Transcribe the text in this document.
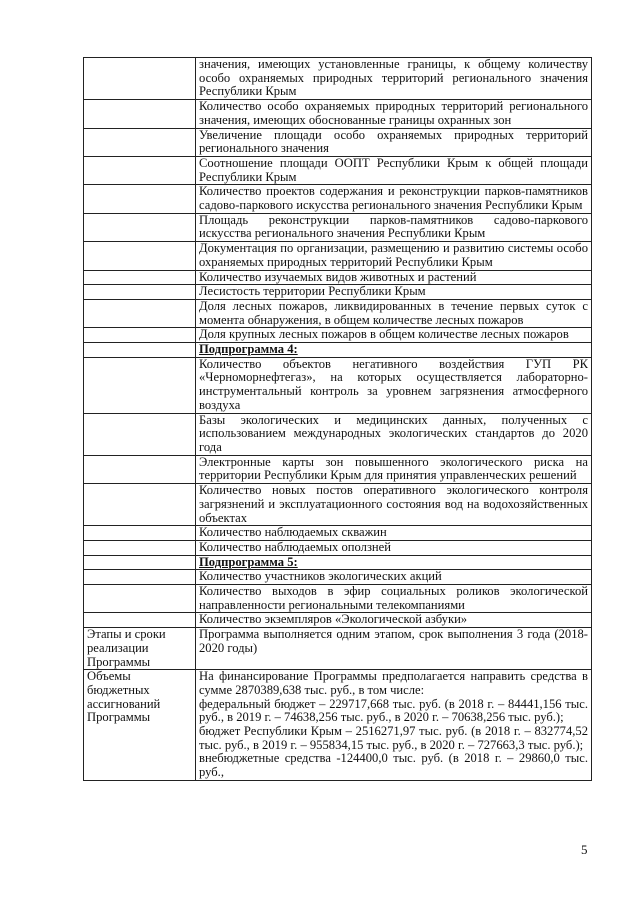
	значения, имеющих установленные границы, к общему количеству особо охраняемых природных территорий регионального значения Республики Крым
	Количество особо охраняемых природных территорий регионального значения, имеющих обоснованные границы охранных зон
	Увеличение площади особо охраняемых природных территорий регионального значения
	Соотношение площади ООПТ Республики Крым к общей площади Республики Крым
	Количество проектов содержания и реконструкции парков-памятников садово-паркового искусства регионального значения Республики Крым
	Площадь реконструкции парков-памятников садово-паркового искусства регионального значения Республики Крым
	Документация по организации, размещению и развитию системы особо охраняемых природных территорий Республики Крым
	Количество изучаемых видов животных и растений
	Лесистость территории Республики Крым
	Доля лесных пожаров, ликвидированных в течение первых суток с момента обнаружения, в общем количестве лесных пожаров
	Доля крупных лесных пожаров в общем количестве лесных пожаров
	Подпрограмма 4:
	Количество объектов негативного воздействия ГУП РК «Черноморнефтегаз», на которых осуществляется лабораторно-инструментальный контроль за уровнем загрязнения атмосферного воздуха
	Базы экологических и медицинских данных, полученных с использованием международных экологических стандартов до 2020 года
	Электронные карты зон повышенного экологического риска на территории Республики Крым для принятия управленческих решений
	Количество новых постов оперативного экологического контроля загрязнений и эксплуатационного состояния вод на водохозяйственных объектах
	Количество наблюдаемых скважин
	Количество наблюдаемых оползней
	Подпрограмма 5:
	Количество участников экологических акций
	Количество выходов в эфир социальных роликов экологической направленности региональными телекомпаниями
	Количество экземпляров «Экологической азбуки»
Этапы и сроки реализации Программы	Программа выполняется одним этапом, срок выполнения 3 года (2018-2020 годы)
Объемы бюджетных ассигнований Программы	На финансирование Программы предполагается направить средства в сумме 2870389,638 тыс. руб., в том числе:
федеральный бюджет – 229717,668 тыс. руб. (в 2018 г. – 84441,156 тыс. руб., в 2019 г. – 74638,256 тыс. руб., в 2020 г. – 70638,256 тыс. руб.);
бюджет Республики Крым – 2516271,97 тыс. руб. (в 2018 г. – 832774,52 тыс. руб., в 2019 г. – 955834,15 тыс. руб., в 2020 г. – 727663,3 тыс. руб.);
внебюджетные средства -124400,0 тыс. руб. (в 2018 г. – 29860,0 тыс. руб.,
5
